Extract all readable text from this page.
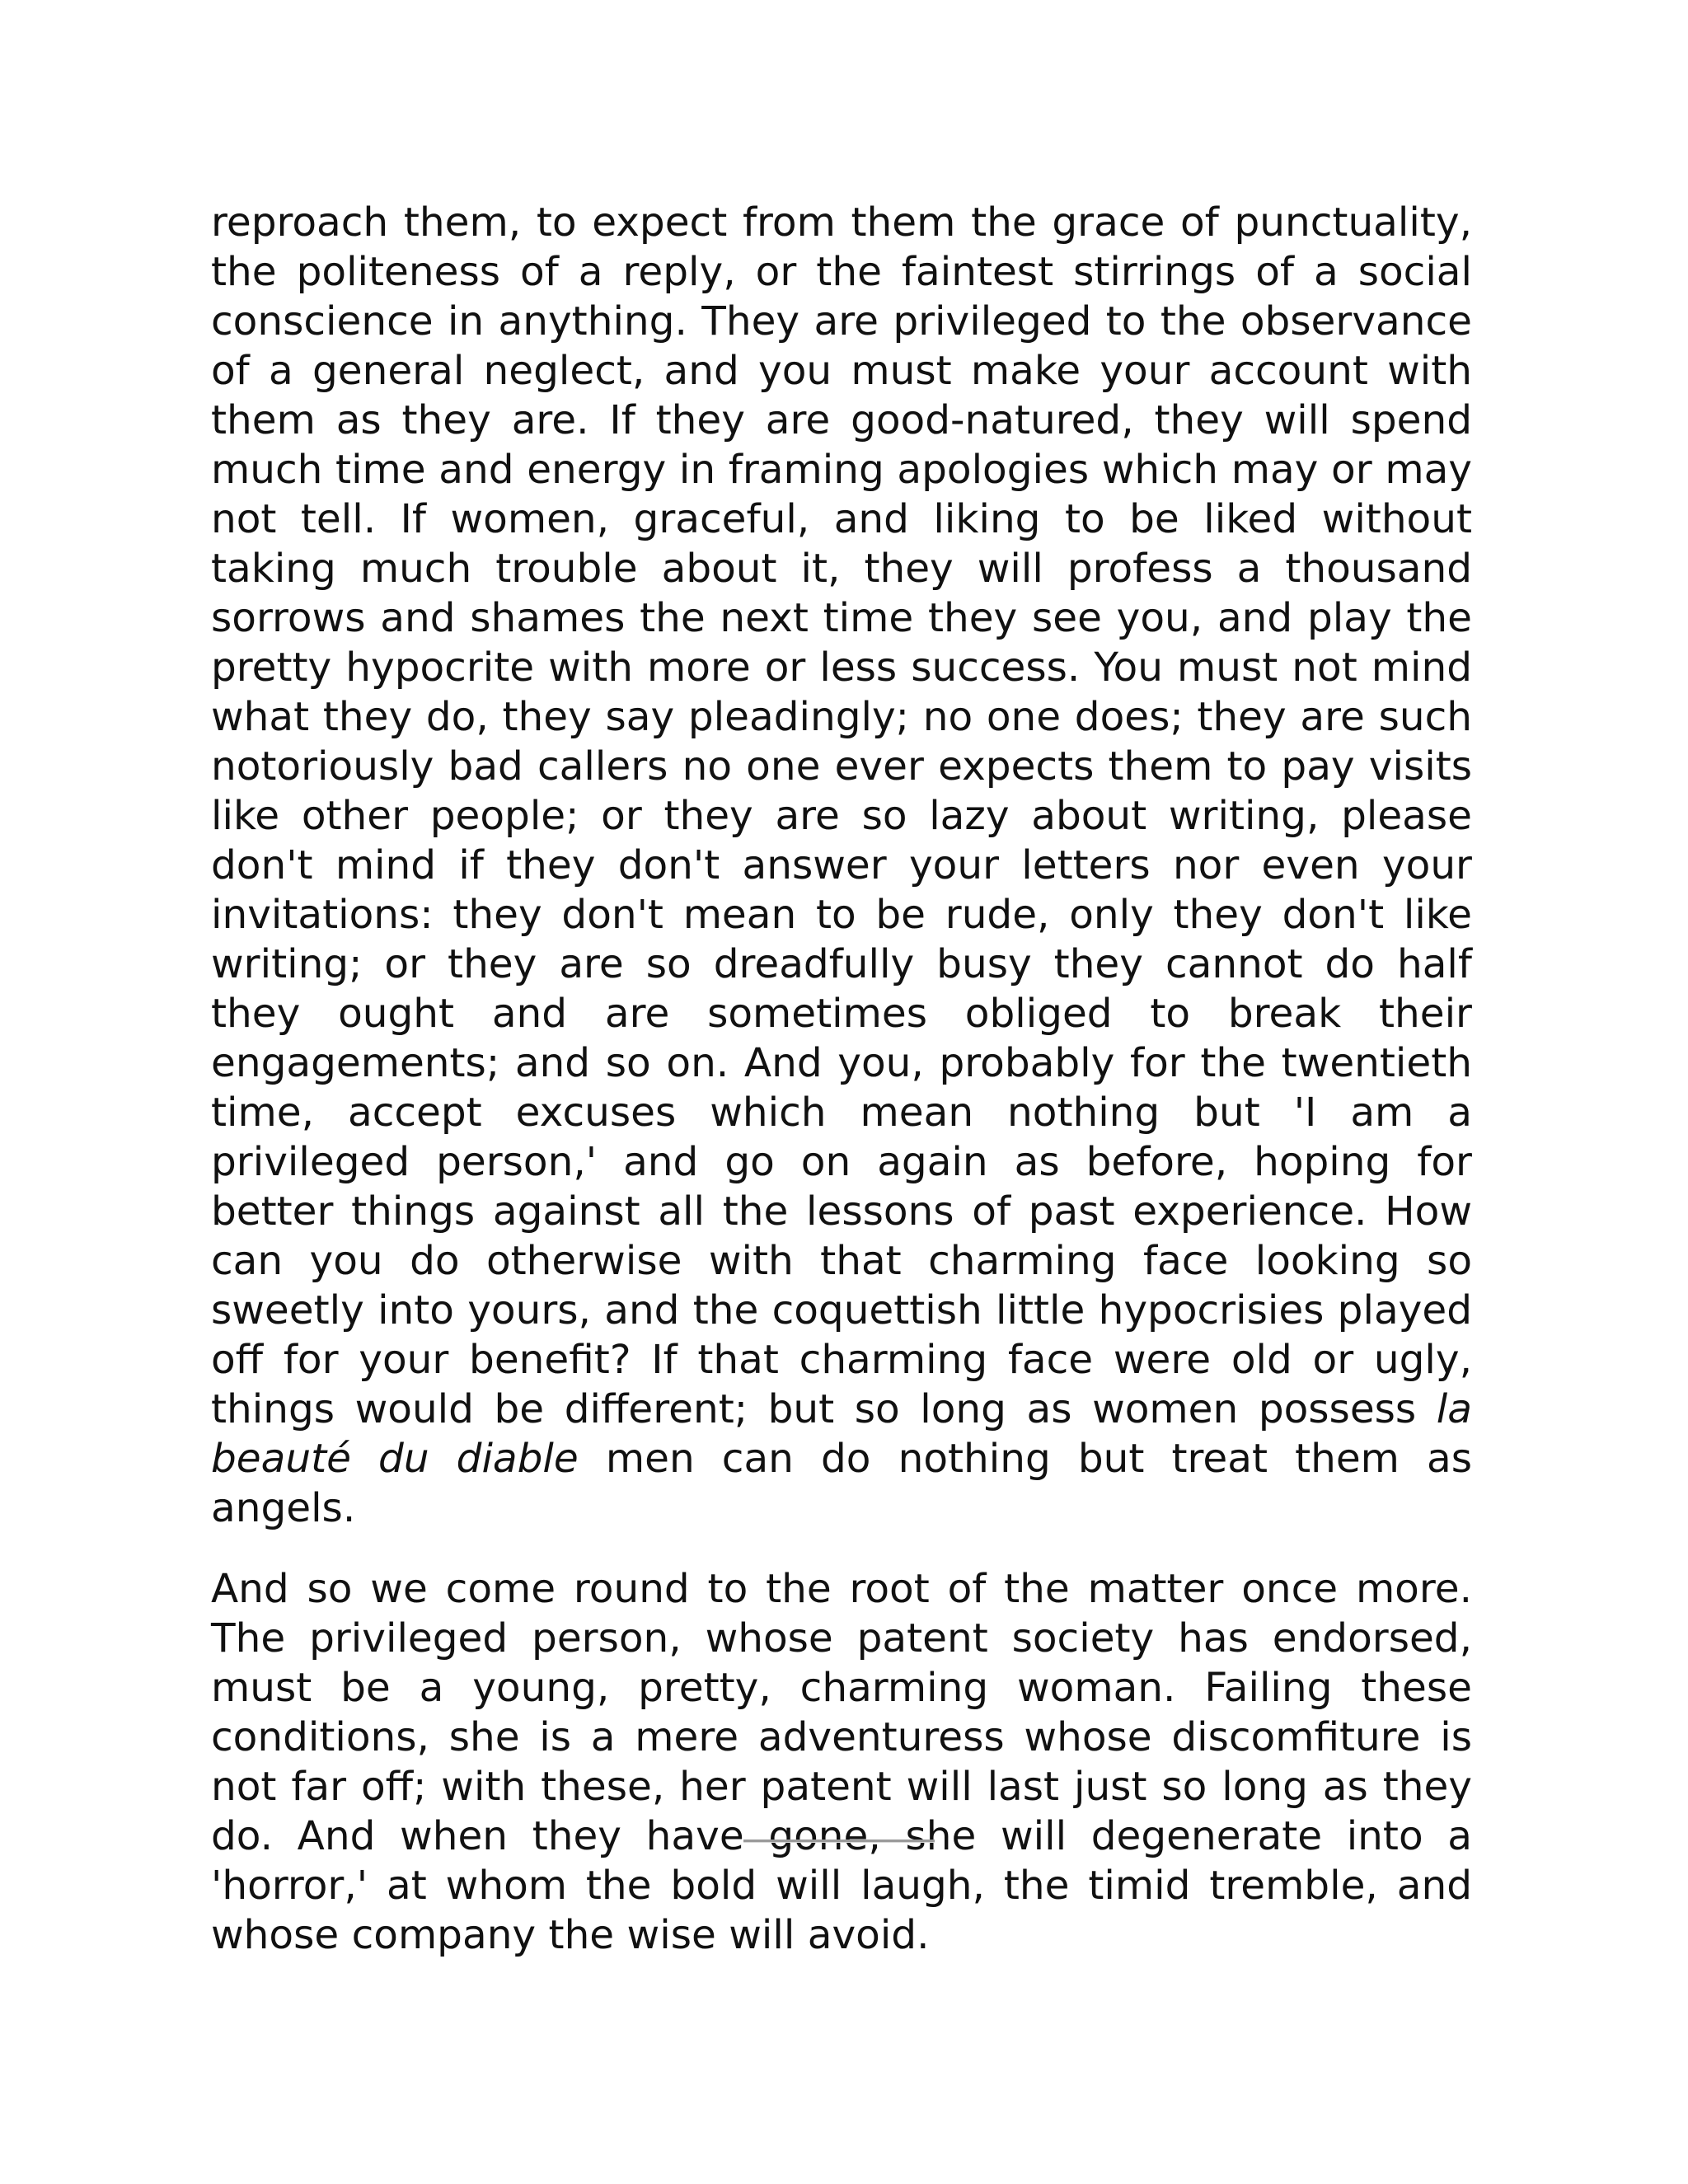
reproach them, to expect from them the grace of punctuality, the politeness of a reply, or the faintest stirrings of a social conscience in anything. They are privileged to the observance of a general neglect, and you must make your account with them as they are. If they are good-natured, they will spend much time and energy in framing apologies which may or may not tell. If women, graceful, and liking to be liked without taking much trouble about it, they will profess a thousand sorrows and shames the next time they see you, and play the pretty hypocrite with more or less success. You must not mind what they do, they say pleadingly; no one does; they are such notoriously bad callers no one ever expects them to pay visits like other people; or they are so lazy about writing, please don't mind if they don't answer your letters nor even your invitations: they don't mean to be rude, only they don't like writing; or they are so dreadfully busy they cannot do half they ought and are sometimes obliged to break their engagements; and so on. And you, probably for the twentieth time, accept excuses which mean nothing but 'I am a privileged person,' and go on again as before, hoping for better things against all the lessons of past experience. How can you do otherwise with that charming face looking so sweetly into yours, and the coquettish little hypocrisies played off for your benefit? If that charming face were old or ugly, things would be different; but so long as women possess la beauté du diable men can do nothing but treat them as angels.

And so we come round to the root of the matter once more. The privileged person, whose patent society has endorsed, must be a young, pretty, charming woman. Failing these conditions, she is a mere adventuress whose discomfiture is not far off; with these, her patent will last just so long as they do. And when they have gone, she will degenerate into a 'horror,' at whom the bold will laugh, the timid tremble, and whose company the wise will avoid.
